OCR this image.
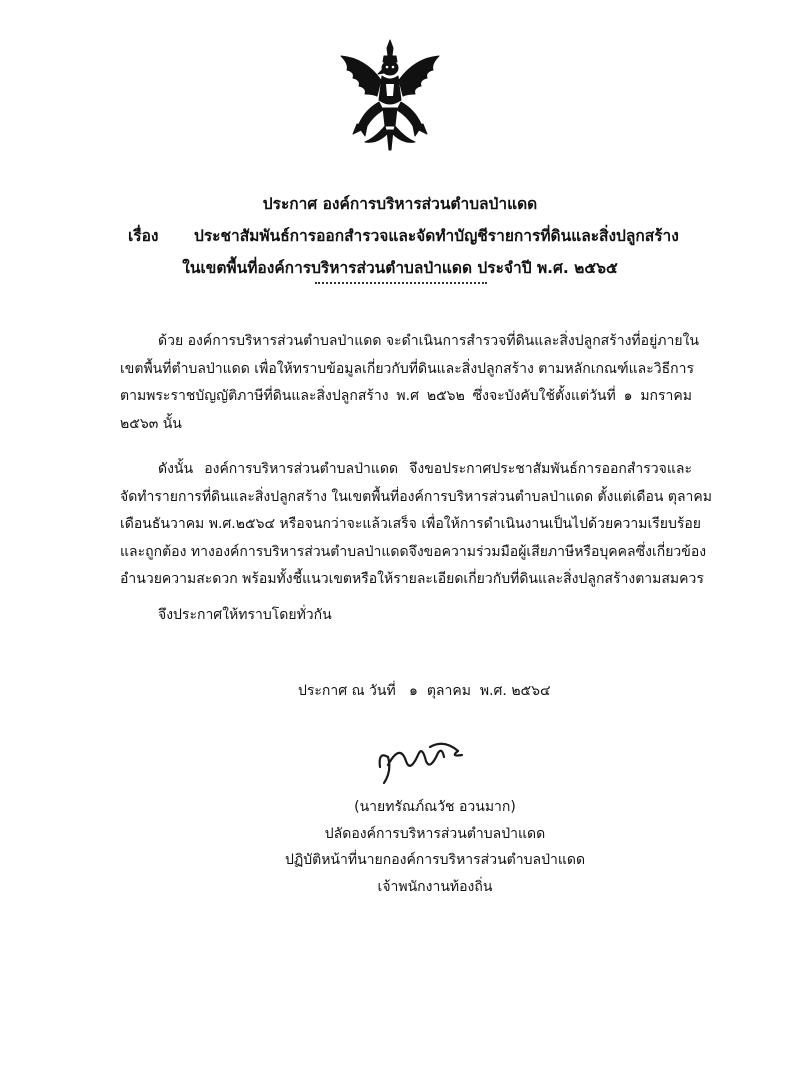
ประกาศ องค์การบริหารส่วนตำบลป่าแดด
เรื่อง ประชาสัมพันธ์การออกสำรวจและจัดทำบัญชีรายการที่ดินและสิ่งปลูกสร้าง
ในเขตพื้นที่องค์การบริหารส่วนตำบลป่าแดด ประจำปี พ.ศ. ๒๕๖๕

ด้วย องค์การบริหารส่วนตำบลป่าแดด จะดำเนินการสำรวจที่ดินและสิ่งปลูกสร้างที่อยู่ภายใน
เขตพื้นที่ตำบลป่าแดด เพื่อให้ทราบข้อมูลเกี่ยวกับที่ดินและสิ่งปลูกสร้าง ตามหลักเกณฑ์และวิธีการ
ตามพระราชบัญญัติภาษีที่ดินและสิ่งปลูกสร้าง พ.ศ ๒๕๖๒ ซึ่งจะบังคับใช้ตั้งแต่วันที่ ๑ มกราคม
๒๕๖๓ นั้น

ดังนั้น องค์การบริหารส่วนตำบลป่าแดด จึงขอประกาศประชาสัมพันธ์การออกสำรวจและ
จัดทำรายการที่ดินและสิ่งปลูกสร้าง ในเขตพื้นที่องค์การบริหารส่วนตำบลป่าแดด ตั้งแต่เดือน ตุลาคม
เดือนธันวาคม พ.ศ.๒๕๖๔ หรือจนกว่าจะแล้วเสร็จ เพื่อให้การดำเนินงานเป็นไปด้วยความเรียบร้อย
และถูกต้อง ทางองค์การบริหารส่วนตำบลป่าแดดจึงขอความร่วมมือผู้เสียภาษีหรือบุคคลซึ่งเกี่ยวข้อง
อำนวยความสะดวก พร้อมทั้งชี้แนวเขตหรือให้รายละเอียดเกี่ยวกับที่ดินและสิ่งปลูกสร้างตามสมควร

จึงประกาศให้ทราบโดยทั่วกัน
ประกาศ ณ วันที่   ๑  ตุลาคม  พ.ศ. ๒๕๖๔
(นายทรัณภ์ณวัช อวนมาก)
ปลัดองค์การบริหารส่วนตำบลป่าแดด
ปฏิบัติหน้าที่นายกองค์การบริหารส่วนตำบลป่าแดด
เจ้าพนักงานท้องถิ่น
